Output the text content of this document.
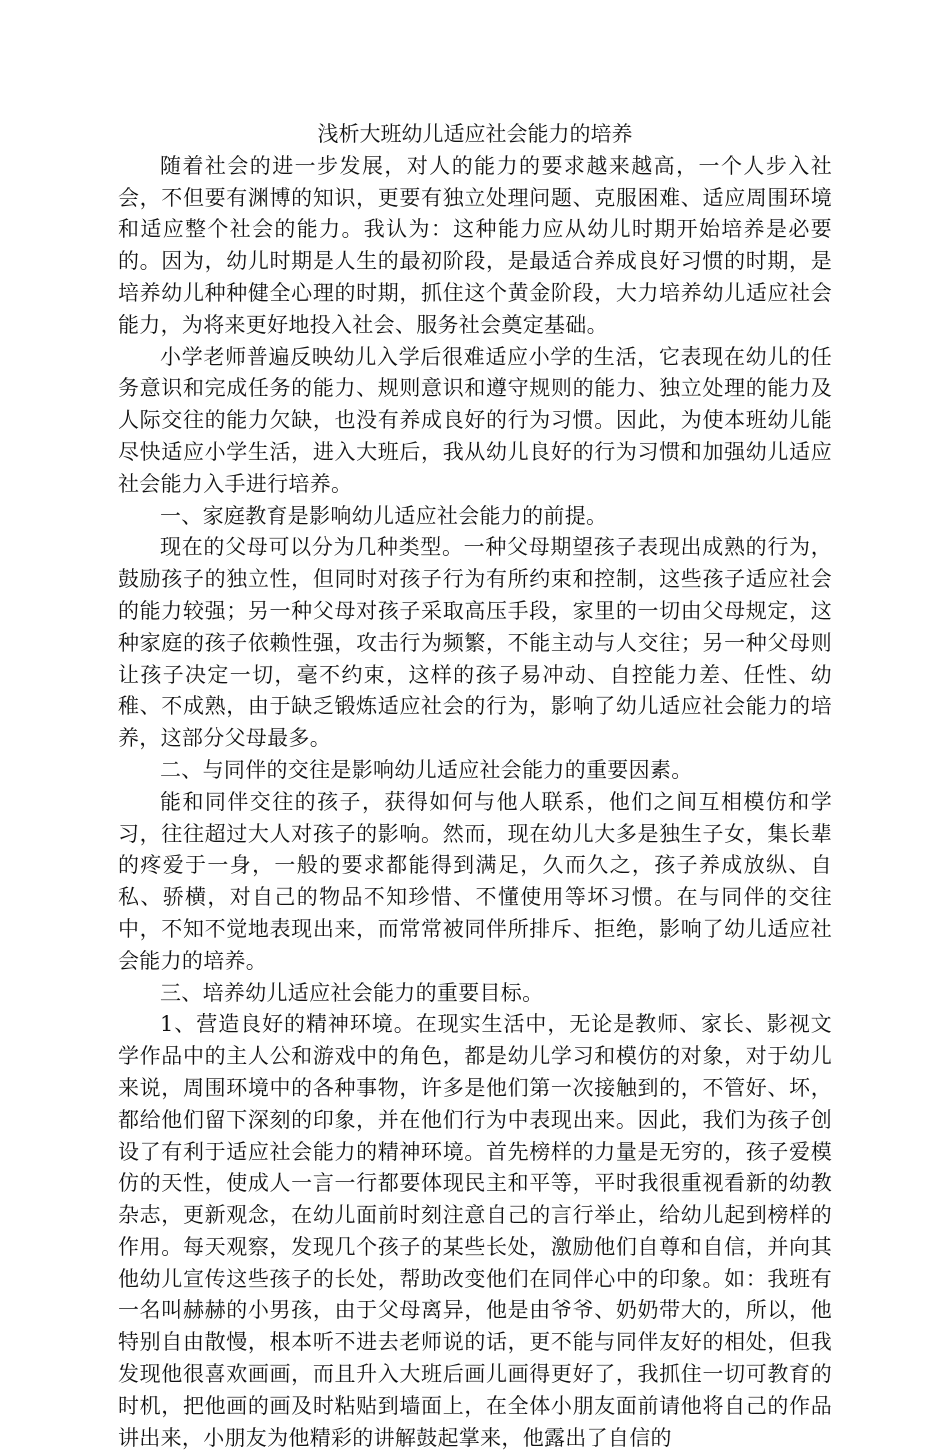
浅析大班幼儿适应社会能力的培养

随着社会的进一步发展，对人的能力的要求越来越高，一个人步入社会，不但要有渊博的知识，更要有独立处理问题、克服困难、适应周围环境和适应整个社会的能力。我认为：这种能力应从幼儿时期开始培养是必要的。因为，幼儿时期是人生的最初阶段，是最适合养成良好习惯的时期，是培养幼儿种种健全心理的时期，抓住这个黄金阶段，大力培养幼儿适应社会能力，为将来更好地投入社会、服务社会奠定基础。

小学老师普遍反映幼儿入学后很难适应小学的生活，它表现在幼儿的任务意识和完成任务的能力、规则意识和遵守规则的能力、独立处理的能力及人际交往的能力欠缺，也没有养成良好的行为习惯。因此，为使本班幼儿能尽快适应小学生活，进入大班后，我从幼儿良好的行为习惯和加强幼儿适应社会能力入手进行培养。

一、家庭教育是影响幼儿适应社会能力的前提。

现在的父母可以分为几种类型。一种父母期望孩子表现出成熟的行为，鼓励孩子的独立性，但同时对孩子行为有所约束和控制，这些孩子适应社会的能力较强；另一种父母对孩子采取高压手段，家里的一切由父母规定，这种家庭的孩子依赖性强，攻击行为频繁，不能主动与人交往；另一种父母则让孩子决定一切，毫不约束，这样的孩子易冲动、自控能力差、任性、幼稚、不成熟，由于缺乏锻炼适应社会的行为，影响了幼儿适应社会能力的培养，这部分父母最多。

二、与同伴的交往是影响幼儿适应社会能力的重要因素。

能和同伴交往的孩子，获得如何与他人联系，他们之间互相模仿和学习，往往超过大人对孩子的影响。然而，现在幼儿大多是独生子女，集长辈的疼爱于一身，一般的要求都能得到满足，久而久之，孩子养成放纵、自私、骄横，对自己的物品不知珍惜、不懂使用等坏习惯。在与同伴的交往中，不知不觉地表现出来，而常常被同伴所排斥、拒绝，影响了幼儿适应社会能力的培养。

三、培养幼儿适应社会能力的重要目标。

1、营造良好的精神环境。在现实生活中，无论是教师、家长、影视文学作品中的主人公和游戏中的角色，都是幼儿学习和模仿的对象，对于幼儿来说，周围环境中的各种事物，许多是他们第一次接触到的，不管好、坏，都给他们留下深刻的印象，并在他们行为中表现出来。因此，我们为孩子创设了有利于适应社会能力的精神环境。首先榜样的力量是无穷的，孩子爱模仿的天性，使成人一言一行都要体现民主和平等，平时我很重视看新的幼教杂志，更新观念，在幼儿面前时刻注意自己的言行举止，给幼儿起到榜样的作用。每天观察，发现几个孩子的某些长处，激励他们自尊和自信，并向其他幼儿宣传这些孩子的长处，帮助改变他们在同伴心中的印象。如：我班有一名叫赫赫的小男孩，由于父母离异，他是由爷爷、奶奶带大的，所以，他特别自由散慢，根本听不进去老师说的话，更不能与同伴友好的相处，但我发现他很喜欢画画，而且升入大班后画儿画得更好了，我抓住一切可教育的时机，把他画的画及时粘贴到墙面上，在全体小朋友面前请他将自己的作品讲出来，小朋友为他精彩的讲解鼓起掌来，他露出了自信的
